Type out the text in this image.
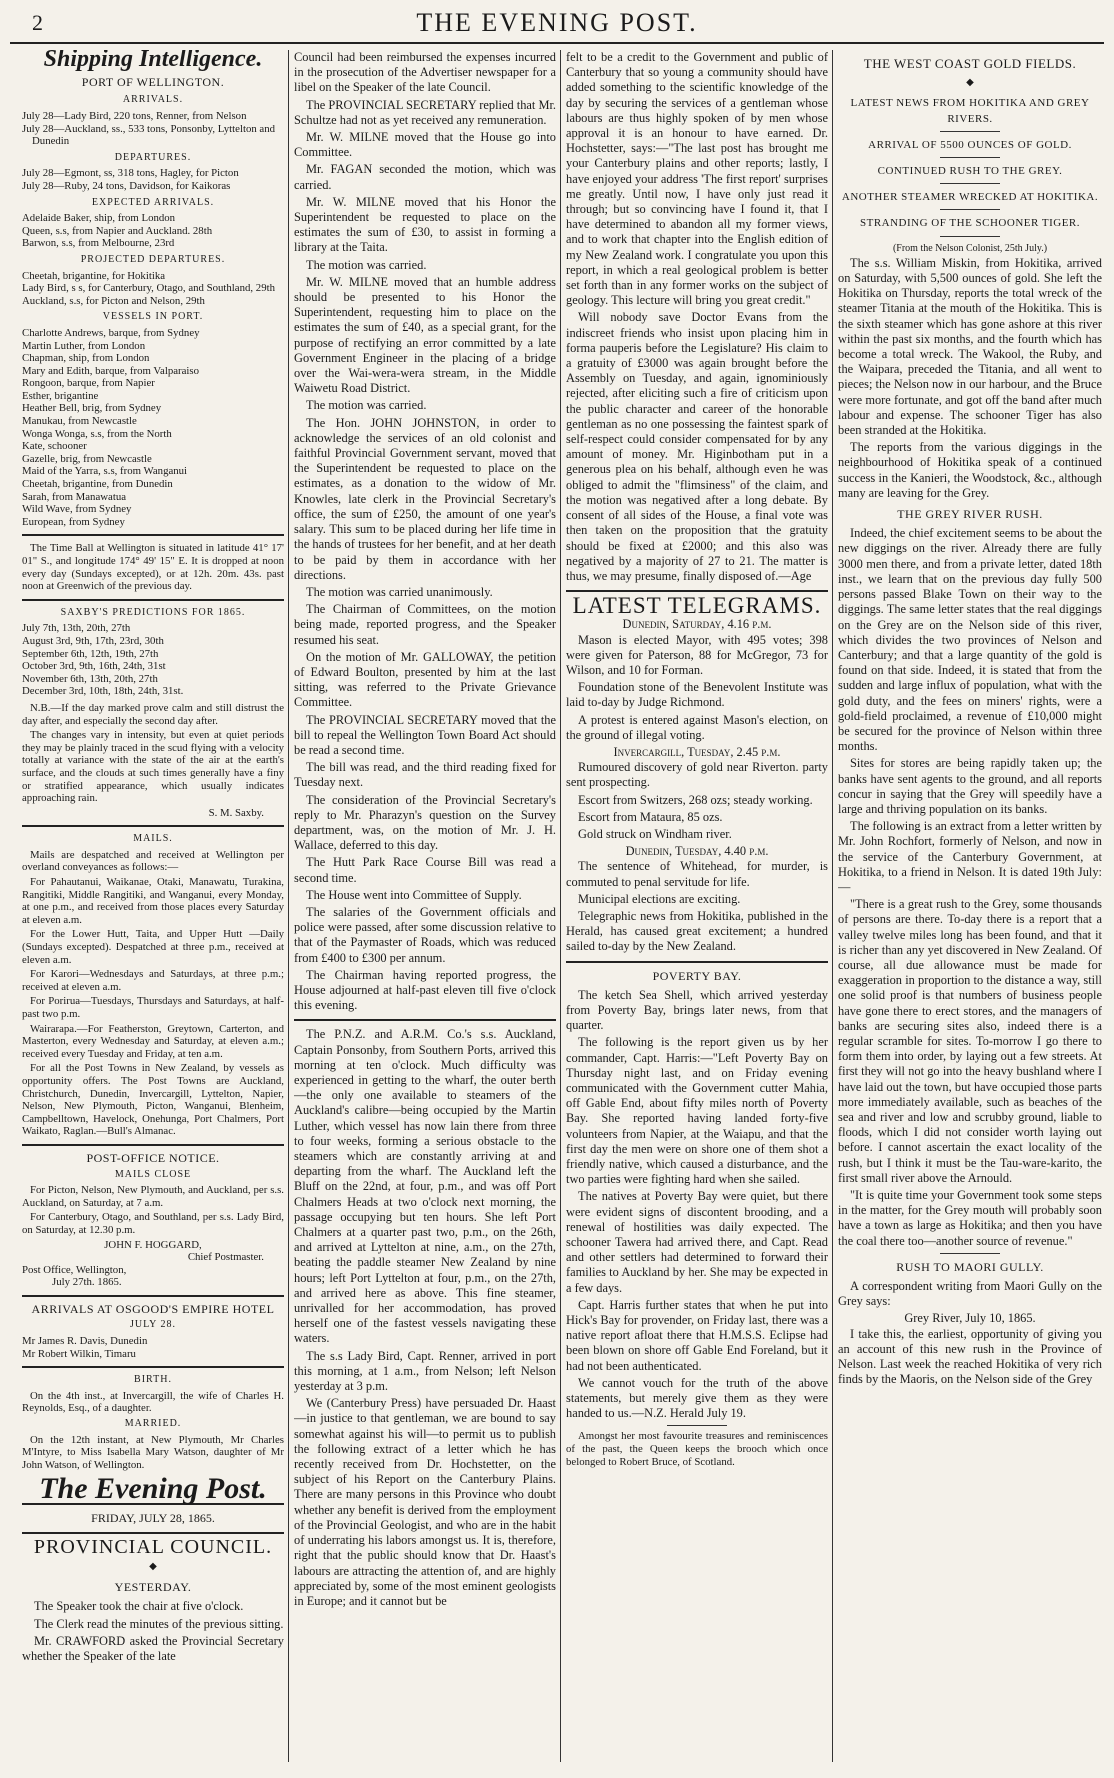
2	THE EVENING POST.
Shipping Intelligence.
PORT OF WELLINGTON.
ARRIVALS.
July 28—Lady Bird, 220 tons, Renner, from Nelson
July 28—Auckland, ss., 533 tons, Ponsonby, Lyttelton and Dunedin
DEPARTURES.
July 28—Egmont, ss, 318 tons, Hagley, for Picton
July 28—Ruby, 24 tons, Davidson, for Kaikoras
EXPECTED ARRIVALS.
Adelaide Baker, ship, from London
Queen, s.s, from Napier and Auckland. 28th
Barwon, s.s, from Melbourne, 23rd
PROJECTED DEPARTURES.
Cheetah, brigantine, for Hokitika
Lady Bird, s s, for Canterbury, Otago, and Southland, 29th
Auckland, s.s, for Picton and Nelson, 29th
VESSELS IN PORT.
Charlotte Andrews, barque, from Sydney
Martin Luther, from London
Chapman, ship, from London
Mary and Edith, barque, from Valparaiso
Rongoon, barque, from Napier
Esther, brigantine
Heather Bell, brig, from Sydney
Manukau, from Newcastle
Wonga Wonga, s.s, from the North
Kate, schooner
Gazelle, brig, from Newcastle
Maid of the Yarra, s.s, from Wanganui
Cheetah, brigantine, from Dunedin
Sarah, from Manawatua
Wild Wave, from Sydney
European, from Sydney

The Time Ball at Wellington is situated in latitude 41° 17' 01" S., and longitude 174° 49' 15" E. It is dropped at noon every day (Sundays excepted), or at 12h. 20m. 43s. past noon at Greenwich of the previous day.

SAXBY'S PREDICTIONS FOR 1865.
July 7th, 13th, 20th, 27th
August 3rd, 9th, 17th, 23rd, 30th
September 6th, 12th, 19th, 27th
October 3rd, 9th, 16th, 24th, 31st
November 6th, 13th, 20th, 27th
December 3rd, 10th, 18th, 24th, 31st.

N.B.—If the day marked prove calm and still distrust the day after, and especially the second day after.

The changes vary in intensity, but even at quiet periods they may be plainly traced in the scud flying with a velocity totally at variance with the state of the air at the earth's surface, and the clouds at such times generally have a finy or stratified appearance, which usually indicates approaching rain.

S. M. Saxby.
MAILS.

Mails are despatched and received at Wellington per overland conveyances as follows:—

For Pahautanui, Waikanae, Otaki, Manawatu, Turakina, Rangitiki, Middle Rangitiki, and Wanganui, every Monday, at one p.m., and received from those places every Saturday at eleven a.m.

For the Lower Hutt, Taita, and Upper Hutt —Daily (Sundays excepted). Despatched at three p.m., received at eleven a.m.

For Karori—Wednesdays and Saturdays, at three p.m.; received at eleven a.m.

For Porirua—Tuesdays, Thursdays and Saturdays, at half-past two p.m.

Wairarapa.—For Featherston, Greytown, Carterton, and Masterton, every Wednesday and Saturday, at eleven a.m.; received every Tuesday and Friday, at ten a.m.

For all the Post Towns in New Zealand, by vessels as opportunity offers. The Post Towns are Auckland, Christchurch, Dunedin, Invercargill, Lyttelton, Napier, Nelson, New Plymouth, Picton, Wanganui, Blenheim, Campbelltown, Havelock, Onehunga, Port Chalmers, Port Waikato, Raglan.—Bull's Almanac.

POST-OFFICE NOTICE.
MAILS CLOSE

For Picton, Nelson, New Plymouth, and Auckland, per s.s. Auckland, on Saturday, at 7 a.m.

For Canterbury, Otago, and Southland, per s.s. Lady Bird, on Saturday, at 12.30 p.m.

JOHN F. HOGGARD,
Chief Postmaster.
Post Office, Wellington,
July 27th. 1865.
ARRIVALS AT OSGOOD'S EMPIRE HOTEL
JULY 28.
Mr James R. Davis, Dunedin
Mr Robert Wilkin, Timaru
BIRTH.

On the 4th inst., at Invercargill, the wife of Charles H. Reynolds, Esq., of a daughter.

MARRIED.

On the 12th instant, at New Plymouth, Mr Charles M'Intyre, to Miss Isabella Mary Watson, daughter of Mr John Watson, of Wellington.

The Evening Post.
FRIDAY, JULY 28, 1865.
PROVINCIAL COUNCIL.
◆
YESTERDAY.

The Speaker took the chair at five o'clock.

The Clerk read the minutes of the previous sitting.

Mr. CRAWFORD asked the Provincial Secretary whether the Speaker of the late

Council had been reimbursed the expenses incurred in the prosecution of the Advertiser newspaper for a libel on the Speaker of the late Council.

The PROVINCIAL SECRETARY replied that Mr. Schultze had not as yet received any remuneration.

Mr. W. MILNE moved that the House go into Committee.

Mr. FAGAN seconded the motion, which was carried.

Mr. W. MILNE moved that his Honor the Superintendent be requested to place on the estimates the sum of £30, to assist in forming a library at the Taita.

The motion was carried.

Mr. W. MILNE moved that an humble address should be presented to his Honor the Superintendent, requesting him to place on the estimates the sum of £40, as a special grant, for the purpose of rectifying an error committed by a late Government Engineer in the placing of a bridge over the Wai-wera-wera stream, in the Middle Waiwetu Road District.

The motion was carried.

The Hon. JOHN JOHNSTON, in order to acknowledge the services of an old colonist and faithful Provincial Government servant, moved that the Superintendent be requested to place on the estimates, as a donation to the widow of Mr. Knowles, late clerk in the Provincial Secretary's office, the sum of £250, the amount of one year's salary. This sum to be placed during her life time in the hands of trustees for her benefit, and at her death to be paid by them in accordance with her directions.

The motion was carried unanimously.

The Chairman of Committees, on the motion being made, reported progress, and the Speaker resumed his seat.

On the motion of Mr. GALLOWAY, the petition of Edward Boulton, presented by him at the last sitting, was referred to the Private Grievance Committee.

The PROVINCIAL SECRETARY moved that the bill to repeal the Wellington Town Board Act should be read a second time.

The bill was read, and the third reading fixed for Tuesday next.

The consideration of the Provincial Secretary's reply to Mr. Pharazyn's question on the Survey department, was, on the motion of Mr. J. H. Wallace, deferred to this day.

The Hutt Park Race Course Bill was read a second time.

The House went into Committee of Supply.

The salaries of the Government officials and police were passed, after some discussion relative to that of the Paymaster of Roads, which was reduced from £400 to £300 per annum.

The Chairman having reported progress, the House adjourned at half-past eleven till five o'clock this evening.

The P.N.Z. and A.R.M. Co.'s s.s. Auckland, Captain Ponsonby, from Southern Ports, arrived this morning at ten o'clock. Much difficulty was experienced in getting to the wharf, the outer berth—the only one available to steamers of the Auckland's calibre—being occupied by the Martin Luther, which vessel has now lain there from three to four weeks, forming a serious obstacle to the steamers which are constantly arriving at and departing from the wharf. The Auckland left the Bluff on the 22nd, at four, p.m., and was off Port Chalmers Heads at two o'clock next morning, the passage occupying but ten hours. She left Port Chalmers at a quarter past two, p.m., on the 26th, and arrived at Lyttelton at nine, a.m., on the 27th, beating the paddle steamer New Zealand by nine hours; left Port Lyttelton at four, p.m., on the 27th, and arrived here as above. This fine steamer, unrivalled for her accommodation, has proved herself one of the fastest vessels navigating these waters.

The s.s Lady Bird, Capt. Renner, arrived in port this morning, at 1 a.m., from Nelson; left Nelson yesterday at 3 p.m.

We (Canterbury Press) have persuaded Dr. Haast—in justice to that gentleman, we are bound to say somewhat against his will—to permit us to publish the following extract of a letter which he has recently received from Dr. Hochstetter, on the subject of his Report on the Canterbury Plains. There are many persons in this Province who doubt whether any benefit is derived from the employment of the Provincial Geologist, and who are in the habit of underrating his labors amongst us. It is, therefore, right that the public should know that Dr. Haast's labours are attracting the attention of, and are highly appreciated by, some of the most eminent geologists in Europe; and it cannot but be

felt to be a credit to the Government and public of Canterbury that so young a community should have added something to the scientific knowledge of the day by securing the services of a gentleman whose labours are thus highly spoken of by men whose approval it is an honour to have earned. Dr. Hochstetter, says:—"The last post has brought me your Canterbury plains and other reports; lastly, I have enjoyed your address 'The first report' surprises me greatly. Until now, I have only just read it through; but so convincing have I found it, that I have determined to abandon all my former views, and to work that chapter into the English edition of my New Zealand work. I congratulate you upon this report, in which a real geological problem is better set forth than in any former works on the subject of geology. This lecture will bring you great credit."

Will nobody save Doctor Evans from the indiscreet friends who insist upon placing him in forma pauperis before the Legislature? His claim to a gratuity of £3000 was again brought before the Assembly on Tuesday, and again, ignominiously rejected, after eliciting such a fire of criticism upon the public character and career of the honorable gentleman as no one possessing the faintest spark of self-respect could consider compensated for by any amount of money. Mr. Higinbotham put in a generous plea on his behalf, although even he was obliged to admit the "flimsiness" of the claim, and the motion was negatived after a long debate. By consent of all sides of the House, a final vote was then taken on the proposition that the gratuity should be fixed at £2000; and this also was negatived by a majority of 27 to 21. The matter is thus, we may presume, finally disposed of.—Age

LATEST TELEGRAMS.
Dunedin, Saturday, 4.16 p.m.

Mason is elected Mayor, with 495 votes; 398 were given for Paterson, 88 for McGregor, 73 for Wilson, and 10 for Forman.

Foundation stone of the Benevolent Institute was laid to-day by Judge Richmond.

A protest is entered against Mason's election, on the ground of illegal voting.

Invercargill, Tuesday, 2.45 p.m.

Rumoured discovery of gold near Riverton. party sent prospecting.

Escort from Switzers, 268 ozs; steady working.

Escort from Mataura, 85 ozs.

Gold struck on Windham river.

Dunedin, Tuesday, 4.40 p.m.

The sentence of Whitehead, for murder, is commuted to penal servitude for life.

Municipal elections are exciting.

Telegraphic news from Hokitika, published in the Herald, has caused great excitement; a hundred sailed to-day by the New Zealand.

POVERTY BAY.

The ketch Sea Shell, which arrived yesterday from Poverty Bay, brings later news, from that quarter.

The following is the report given us by her commander, Capt. Harris:—"Left Poverty Bay on Thursday night last, and on Friday evening communicated with the Government cutter Mahia, off Gable End, about fifty miles north of Poverty Bay. She reported having landed forty-five volunteers from Napier, at the Waiapu, and that the first day the men were on shore one of them shot a friendly native, which caused a disturbance, and the two parties were fighting hard when she sailed.

The natives at Poverty Bay were quiet, but there were evident signs of discontent brooding, and a renewal of hostilities was daily expected. The schooner Tawera had arrived there, and Capt. Read and other settlers had determined to forward their families to Auckland by her. She may be expected in a few days.

Capt. Harris further states that when he put into Hick's Bay for provender, on Friday last, there was a native report afloat there that H.M.S.S. Eclipse had been blown on shore off Gable End Foreland, but it had not been authenticated.

We cannot vouch for the truth of the above statements, but merely give them as they were handed to us.—N.Z. Herald July 19.

Amongst her most favourite treasures and reminiscences of the past, the Queen keeps the brooch which once belonged to Robert Bruce, of Scotland.

THE WEST COAST GOLD FIELDS.
◆
LATEST NEWS FROM HOKITIKA AND GREY RIVERS.
ARRIVAL OF 5500 OUNCES OF GOLD.
CONTINUED RUSH TO THE GREY.
ANOTHER STEAMER WRECKED AT HOKITIKA.
STRANDING OF THE SCHOONER TIGER.
(From the Nelson Colonist, 25th July.)

The s.s. William Miskin, from Hokitika, arrived on Saturday, with 5,500 ounces of gold. She left the Hokitika on Thursday, reports the total wreck of the steamer Titania at the mouth of the Hokitika. This is the sixth steamer which has gone ashore at this river within the past six months, and the fourth which has become a total wreck. The Wakool, the Ruby, and the Waipara, preceded the Titania, and all went to pieces; the Nelson now in our harbour, and the Bruce were more fortunate, and got off the band after much labour and expense. The schooner Tiger has also been stranded at the Hokitika.

The reports from the various diggings in the neighbourhood of Hokitika speak of a continued success in the Kanieri, the Woodstock, &c., although many are leaving for the Grey.

THE GREY RIVER RUSH.

Indeed, the chief excitement seems to be about the new diggings on the river. Already there are fully 3000 men there, and from a private letter, dated 18th inst., we learn that on the previous day fully 500 persons passed Blake Town on their way to the diggings. The same letter states that the real diggings on the Grey are on the Nelson side of this river, which divides the two provinces of Nelson and Canterbury; and that a large quantity of the gold is found on that side. Indeed, it is stated that from the sudden and large influx of population, what with the gold duty, and the fees on miners' rights, were a gold-field proclaimed, a revenue of £10,000 might be secured for the province of Nelson within three months.

Sites for stores are being rapidly taken up; the banks have sent agents to the ground, and all reports concur in saying that the Grey will speedily have a large and thriving population on its banks.

The following is an extract from a letter written by Mr. John Rochfort, formerly of Nelson, and now in the service of the Canterbury Government, at Hokitika, to a friend in Nelson. It is dated 19th July:—

"There is a great rush to the Grey, some thousands of persons are there. To-day there is a report that a valley twelve miles long has been found, and that it is richer than any yet discovered in New Zealand. Of course, all due allowance must be made for exaggeration in proportion to the distance a way, still one solid proof is that numbers of business people have gone there to erect stores, and the managers of banks are securing sites also, indeed there is a regular scramble for sites. To-morrow I go there to form them into order, by laying out a few streets. At first they will not go into the heavy bushland where I have laid out the town, but have occupied those parts more immediately available, such as beaches of the sea and river and low and scrubby ground, liable to floods, which I did not consider worth laying out before. I cannot ascertain the exact locality of the rush, but I think it must be the Tau-ware-karito, the first small river above the Arnould.

"It is quite time your Government took some steps in the matter, for the Grey mouth will probably soon have a town as large as Hokitika; and then you have the coal there too—another source of revenue."

RUSH TO MAORI GULLY.

A correspondent writing from Maori Gully on the Grey says:

Grey River, July 10, 1865.

I take this, the earliest, opportunity of giving you an account of this new rush in the Province of Nelson. Last week the reached Hokitika of very rich finds by the Maoris, on the Nelson side of the Grey
